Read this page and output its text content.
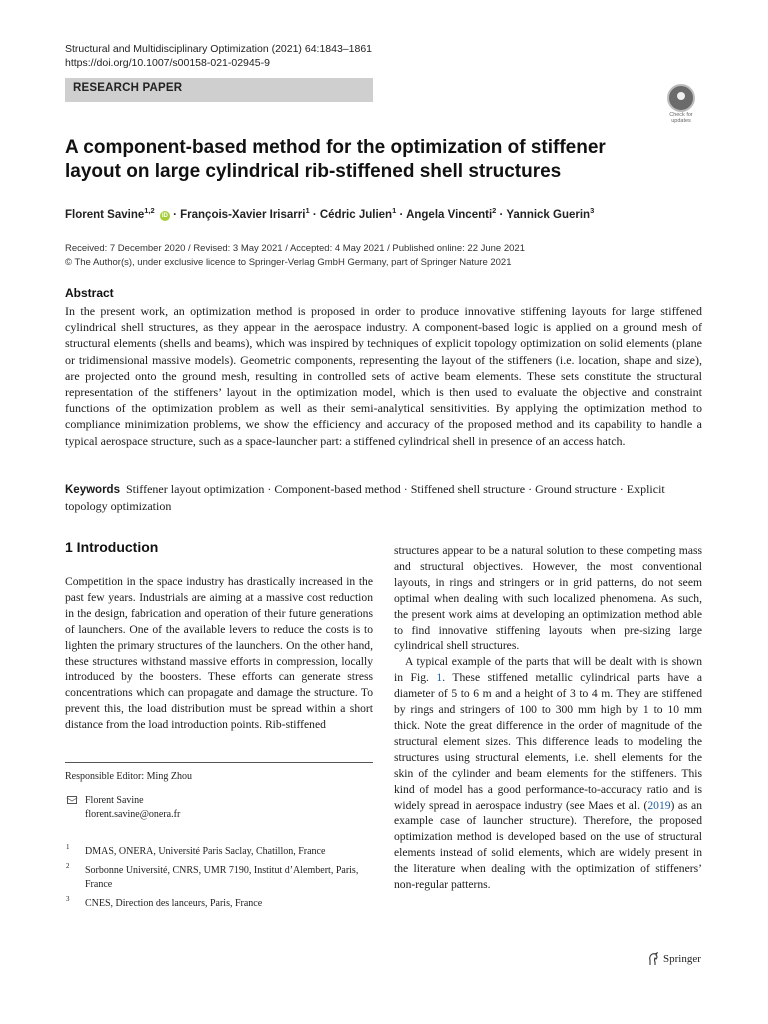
Structural and Multidisciplinary Optimization (2021) 64:1843–1861
https://doi.org/10.1007/s00158-021-02945-9
RESEARCH PAPER
Check for updates
A component-based method for the optimization of stiffener layout on large cylindrical rib-stiffened shell structures
Florent Savine$^{1,2}$ iD · François-Xavier Irisarri$^1$ · Cédric Julien$^1$ · Angela Vincenti$^2$ · Yannick Guerin$^3$
Received: 7 December 2020 / Revised: 3 May 2021 / Accepted: 4 May 2021 / Published online: 22 June 2021
© The Author(s), under exclusive licence to Springer-Verlag GmbH Germany, part of Springer Nature 2021
Abstract
In the present work, an optimization method is proposed in order to produce innovative stiffening layouts for large stiffened cylindrical shell structures, as they appear in the aerospace industry. A component-based logic is applied on a ground mesh of structural elements (shells and beams), which was inspired by techniques of explicit topology optimization on solid elements (plane or tridimensional massive models). Geometric components, representing the layout of the stiffeners (i.e. location, shape and size), are projected onto the ground mesh, resulting in controlled sets of active beam elements. These sets constitute the structural representation of the stiffeners’ layout in the optimization model, which is then used to evaluate the objective and constraint functions of the optimization problem as well as their semi-analytical sensitivities. By applying the optimization method to compliance minimization problems, we show the efficiency and accuracy of the proposed method and its capability to handle a typical aerospace structure, such as a space-launcher part: a stiffened cylindrical shell in presence of an access hatch.
Keywords Stiffener layout optimization · Component-based method · Stiffened shell structure · Ground structure · Explicit topology optimization
1 Introduction

Competition in the space industry has drastically increased in the past few years. Industrials are aiming at a massive cost reduction in the design, fabrication and operation of their future generations of launchers. One of the available levers to reduce the costs is to lighten the primary structures of the launchers. On the other hand, these structures withstand massive efforts in compression, locally introduced by the boosters. These efforts can generate stress concentrations which can propagate and damage the structure. To prevent this, the load distribution must be spread within a short distance from the load introduction points. Rib-stiffened

structures appear to be a natural solution to these competing mass and structural objectives. However, the most conventional layouts, in rings and stringers or in grid patterns, do not seem optimal when dealing with such localized phenomena. As such, the present work aims at developing an optimization method able to find innovative stiffening layouts when pre-sizing large cylindrical shell structures.

A typical example of the parts that will be dealt with is shown in Fig. 1. These stiffened metallic cylindrical parts have a diameter of 5 to 6 m and a height of 3 to 4 m. They are stiffened by rings and stringers of 100 to 300 mm high by 1 to 10 mm thick. Note the great difference in the order of magnitude of the structural element sizes. This difference leads to modeling the structures using structural elements, i.e. shell elements for the skin of the cylinder and beam elements for the stiffeners. This kind of model has a good performance-to-accuracy ratio and is widely spread in aerospace industry (see Maes et al. (2019) as an example case of launcher structure). Therefore, the proposed optimization method is developed based on the use of structural elements instead of solid elements, which are widely present in the literature when dealing with the optimization of stiffeners’ non-regular patterns.

Responsible Editor: Ming Zhou
Florent Savine
florent.savine@onera.fr
1 DMAS, ONERA, Université Paris Saclay, Chatillon, France
2 Sorbonne Université, CNRS, UMR 7190, Institut d’Alembert, Paris, France
3 CNES, Direction des lanceurs, Paris, France
Springer
